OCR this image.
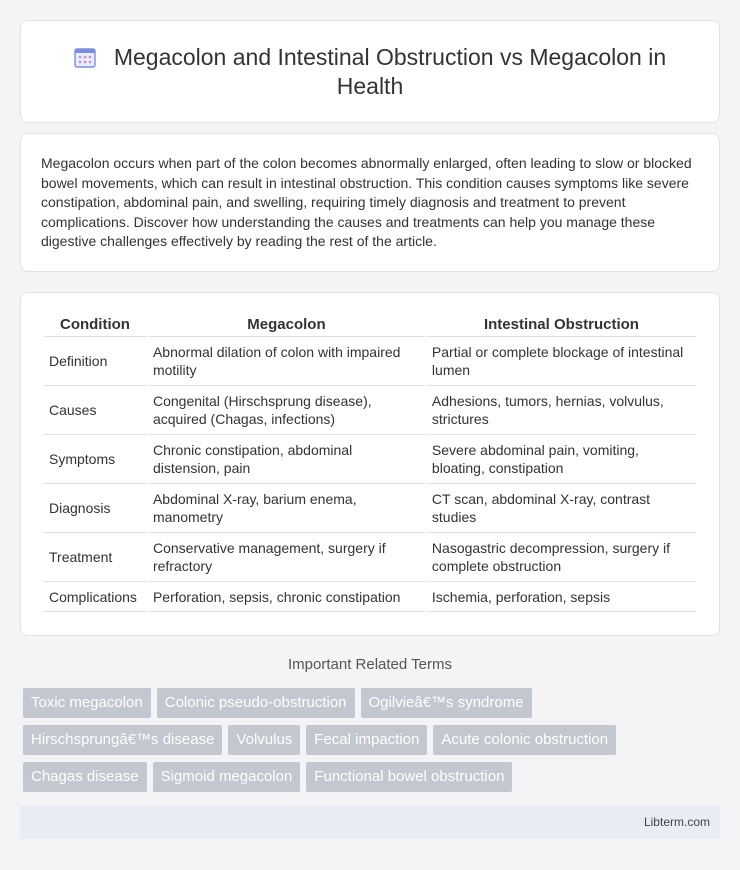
Megacolon and Intestinal Obstruction vs Megacolon in Health

Megacolon occurs when part of the colon becomes abnormally enlarged, often leading to slow or blocked bowel movements, which can result in intestinal obstruction. This condition causes symptoms like severe constipation, abdominal pain, and swelling, requiring timely diagnosis and treatment to prevent complications. Discover how understanding the causes and treatments can help you manage these digestive challenges effectively by reading the rest of the article.

Condition	Megacolon	Intestinal Obstruction
Definition	Abnormal dilation of colon with impaired motility	Partial or complete blockage of intestinal lumen
Causes	Congenital (Hirschsprung disease), acquired (Chagas, infections)	Adhesions, tumors, hernias, volvulus, strictures
Symptoms	Chronic constipation, abdominal distension, pain	Severe abdominal pain, vomiting, bloating, constipation
Diagnosis	Abdominal X-ray, barium enema, manometry	CT scan, abdominal X-ray, contrast studies
Treatment	Conservative management, surgery if refractory	Nasogastric decompression, surgery if complete obstruction
Complications	Perforation, sepsis, chronic constipation	Ischemia, perforation, sepsis
Important Related Terms
Toxic megacolon	Colonic pseudo-obstruction	Ogilvieâ€™s syndrome
Hirschsprungâ€™s disease	Volvulus	Fecal impaction	Acute colonic obstruction
Chagas disease	Sigmoid megacolon	Functional bowel obstruction
Libterm.com
